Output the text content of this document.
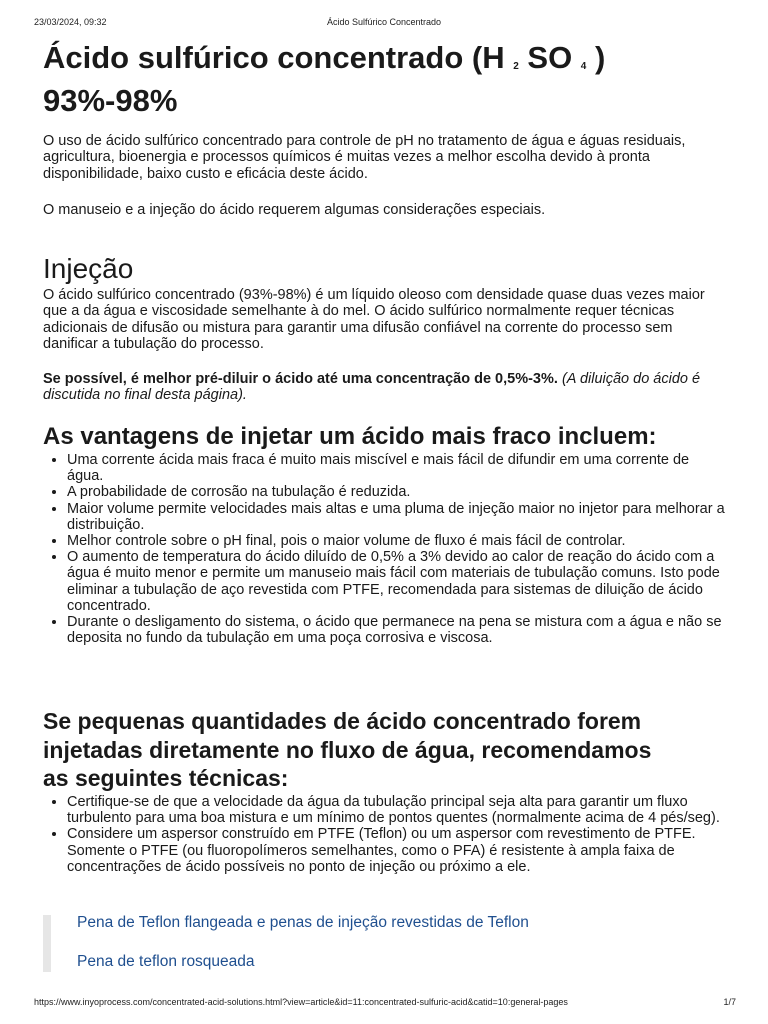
23/03/2024, 09:32	Ácido Sulfúrico Concentrado
Ácido sulfúrico concentrado (H $_2$ SO $_4$ )
93%-98%

O uso de ácido sulfúrico concentrado para controle de pH no tratamento de água e águas residuais, agricultura, bioenergia e processos químicos é muitas vezes a melhor escolha devido à pronta disponibilidade, baixo custo e eficácia deste ácido.

O manuseio e a injeção do ácido requerem algumas considerações especiais.

Injeção

O ácido sulfúrico concentrado (93%-98%) é um líquido oleoso com densidade quase duas vezes maior que a da água e viscosidade semelhante à do mel. O ácido sulfúrico normalmente requer técnicas adicionais de difusão ou mistura para garantir uma difusão confiável na corrente do processo sem danificar a tubulação do processo.

Se possível, é melhor pré-diluir o ácido até uma concentração de 0,5%-3%. (A diluição do ácido é discutida no final desta página).

As vantagens de injetar um ácido mais fraco incluem:
• Uma corrente ácida mais fraca é muito mais miscível e mais fácil de difundir em uma corrente de água.
• A probabilidade de corrosão na tubulação é reduzida.
• Maior volume permite velocidades mais altas e uma pluma de injeção maior no injetor para melhorar a distribuição.
• Melhor controle sobre o pH final, pois o maior volume de fluxo é mais fácil de controlar.
• O aumento de temperatura do ácido diluído de 0,5% a 3% devido ao calor de reação do ácido com a água é muito menor e permite um manuseio mais fácil com materiais de tubulação comuns. Isto pode eliminar a tubulação de aço revestida com PTFE, recomendada para sistemas de diluição de ácido concentrado.
• Durante o desligamento do sistema, o ácido que permanece na pena se mistura com a água e não se deposita no fundo da tubulação em uma poça corrosiva e viscosa.
Se pequenas quantidades de ácido concentrado forem injetadas diretamente no fluxo de água, recomendamos as seguintes técnicas:
• Certifique-se de que a velocidade da água da tubulação principal seja alta para garantir um fluxo turbulento para uma boa mistura e um mínimo de pontos quentes (normalmente acima de 4 pés/seg).
• Considere um aspersor construído em PTFE (Teflon) ou um aspersor com revestimento de PTFE. Somente o PTFE (ou fluoropolímeros semelhantes, como o PFA) é resistente à ampla faixa de concentrações de ácido possíveis no ponto de injeção ou próximo a ele.
Pena de Teflon flangeada e penas de injeção revestidas de Teflon
Pena de teflon rosqueada
https://www.inyoprocess.com/concentrated-acid-solutions.html?view=article&id=11:concentrated-sulfuric-acid&catid=10:general-pages	1/7
